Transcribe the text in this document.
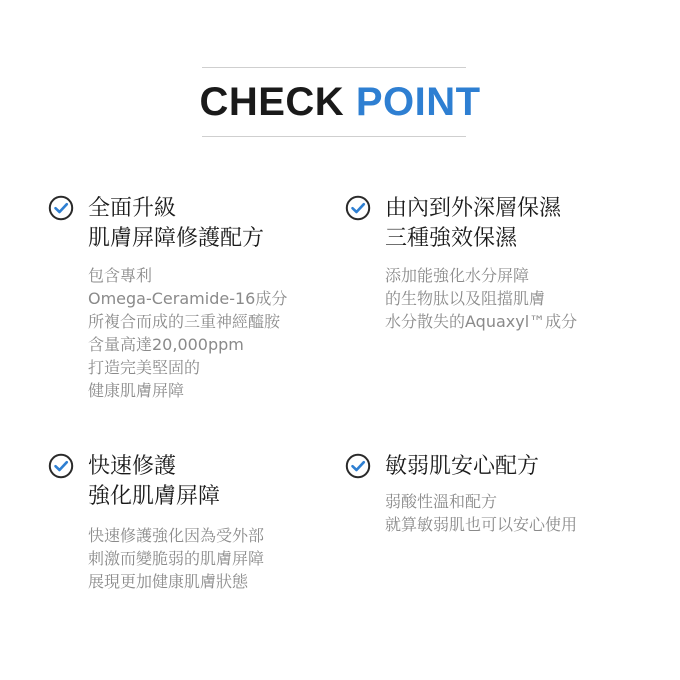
CHECK POINT
全面升級
肌膚屏障修護配方
包含專利
Omega-Ceramide-16成分
所複合而成的三重神經醯胺
含量高達20,000ppm
打造完美堅固的
健康肌膚屏障
由內到外深層保濕
三種強效保濕
添加能強化水分屏障
的生物肽以及阻擋肌膚
水分散失的Aquaxyl™成分
快速修護
強化肌膚屏障
快速修護強化因為受外部
刺激而變脆弱的肌膚屏障
展現更加健康肌膚狀態
敏弱肌安心配方
弱酸性溫和配方
就算敏弱肌也可以安心使用
